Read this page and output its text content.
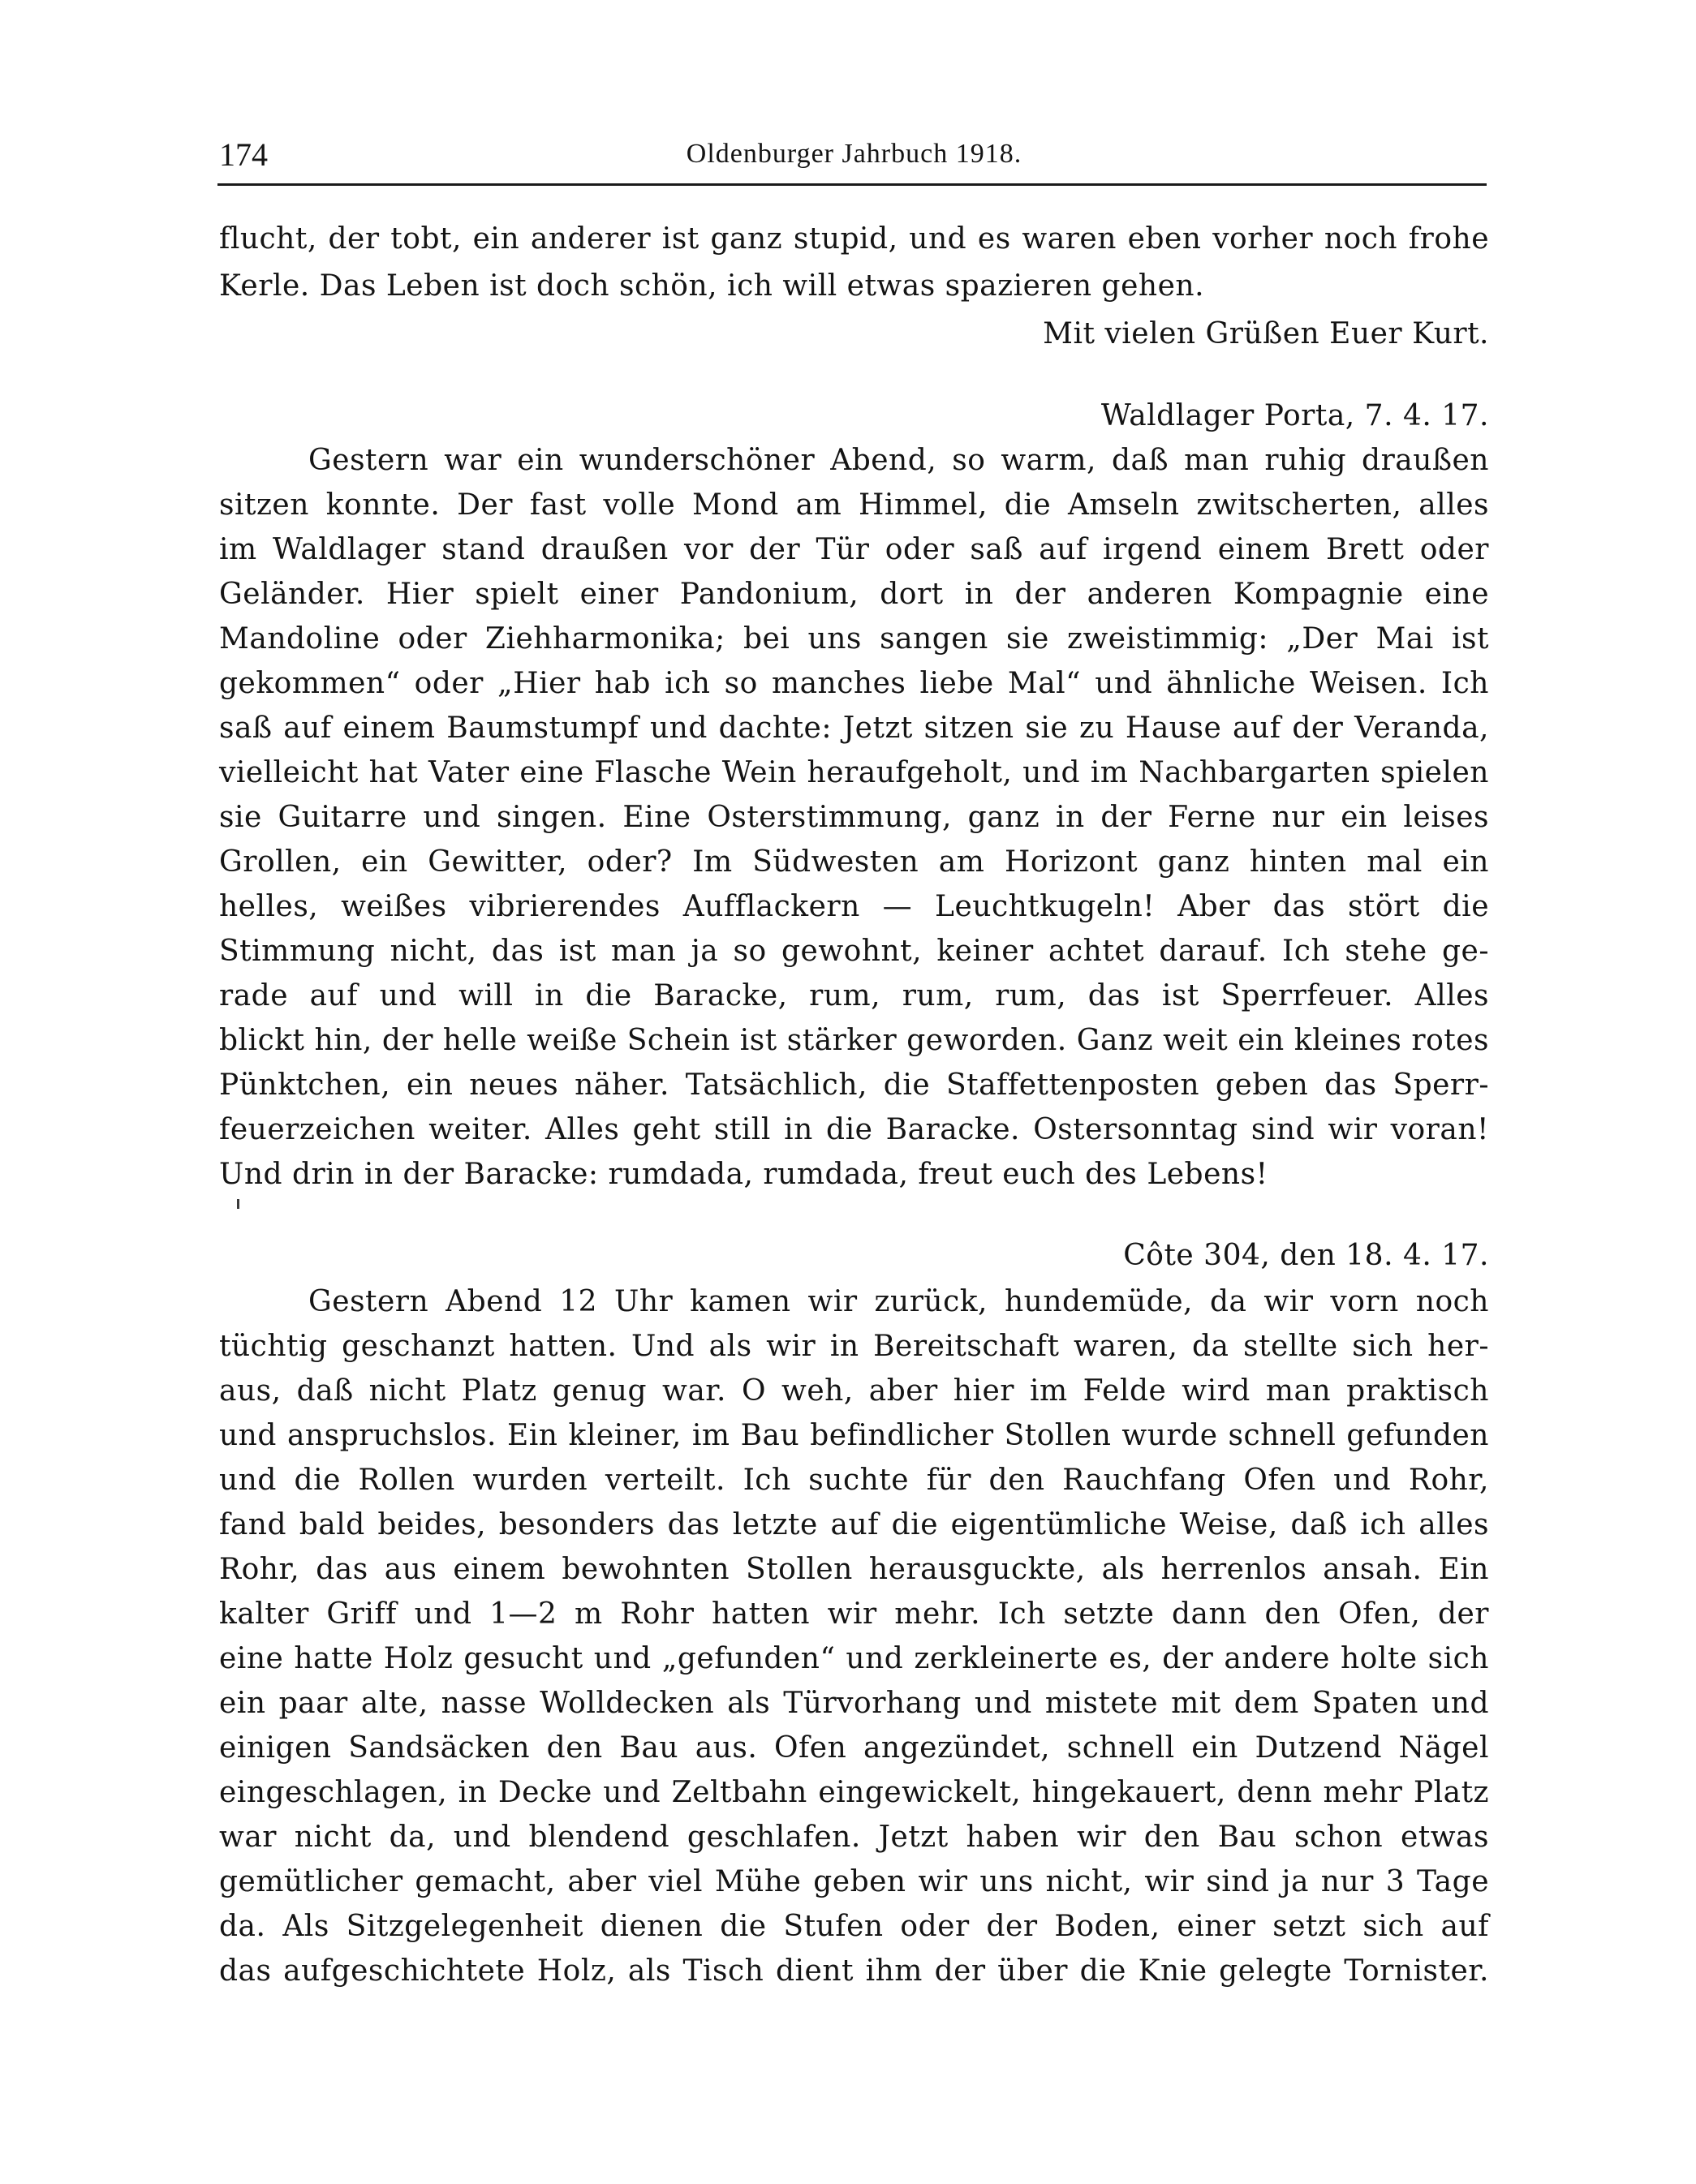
174	Oldenburger Jahrbuch 1918.
flucht, der tobt, ein anderer ist ganz stupid, und es waren eben vorher noch frohe
Kerle. Das Leben ist doch schön, ich will etwas spazieren gehen.
Mit vielen Grüßen Euer Kurt.
Waldlager Porta, 7. 4. 17.
Gestern war ein wunderschöner Abend, so warm, daß man ruhig draußen
sitzen konnte. Der fast volle Mond am Himmel, die Amseln zwitscherten, alles
im Waldlager stand draußen vor der Tür oder saß auf irgend einem Brett oder
Geländer. Hier spielt einer Pandonium, dort in der anderen Kompagnie eine
Mandoline oder Ziehharmonika; bei uns sangen sie zweistimmig: „Der Mai ist
gekommen“ oder „Hier hab ich so manches liebe Mal“ und ähnliche Weisen. Ich
saß auf einem Baumstumpf und dachte: Jetzt sitzen sie zu Hause auf der Veranda,
vielleicht hat Vater eine Flasche Wein heraufgeholt, und im Nachbargarten spielen
sie Guitarre und singen. Eine Osterstimmung, ganz in der Ferne nur ein leises
Grollen, ein Gewitter, oder? Im Südwesten am Horizont ganz hinten mal ein
helles, weißes vibrierendes Aufflackern — Leuchtkugeln! Aber das stört die
Stimmung nicht, das ist man ja so gewohnt, keiner achtet darauf. Ich stehe ge-
rade auf und will in die Baracke, rum, rum, rum, das ist Sperrfeuer. Alles
blickt hin, der helle weiße Schein ist stärker geworden. Ganz weit ein kleines rotes
Pünktchen, ein neues näher. Tatsächlich, die Staffettenposten geben das Sperr-
feuerzeichen weiter. Alles geht still in die Baracke. Ostersonntag sind wir voran!
Und drin in der Baracke: rumdada, rumdada, freut euch des Lebens!
Côte 304, den 18. 4. 17.
Gestern Abend 12 Uhr kamen wir zurück, hundemüde, da wir vorn noch
tüchtig geschanzt hatten. Und als wir in Bereitschaft waren, da stellte sich her-
aus, daß nicht Platz genug war. O weh, aber hier im Felde wird man praktisch
und anspruchslos. Ein kleiner, im Bau befindlicher Stollen wurde schnell gefunden
und die Rollen wurden verteilt. Ich suchte für den Rauchfang Ofen und Rohr,
fand bald beides, besonders das letzte auf die eigentümliche Weise, daß ich alles
Rohr, das aus einem bewohnten Stollen herausguckte, als herrenlos ansah. Ein
kalter Griff und 1—2 m Rohr hatten wir mehr. Ich setzte dann den Ofen, der
eine hatte Holz gesucht und „gefunden“ und zerkleinerte es, der andere holte sich
ein paar alte, nasse Wolldecken als Türvorhang und mistete mit dem Spaten und
einigen Sandsäcken den Bau aus. Ofen angezündet, schnell ein Dutzend Nägel
eingeschlagen, in Decke und Zeltbahn eingewickelt, hingekauert, denn mehr Platz
war nicht da, und blendend geschlafen. Jetzt haben wir den Bau schon etwas
gemütlicher gemacht, aber viel Mühe geben wir uns nicht, wir sind ja nur 3 Tage
da. Als Sitzgelegenheit dienen die Stufen oder der Boden, einer setzt sich auf
das aufgeschichtete Holz, als Tisch dient ihm der über die Knie gelegte Tornister.
